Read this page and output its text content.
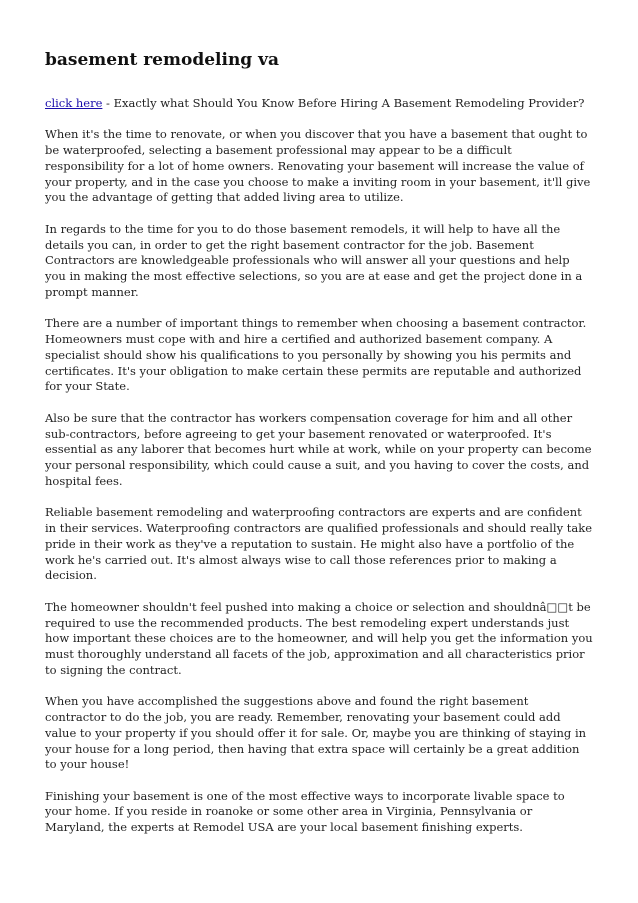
basement remodeling va

click here - Exactly what Should You Know Before Hiring A Basement Remodeling Provider?

When it's the time to renovate, or when you discover that you have a basement that ought to be waterproofed, selecting a basement professional may appear to be a difficult responsibility for a lot of home owners. Renovating your basement will increase the value of your property, and in the case you choose to make a inviting room in your basement, it'll give you the advantage of getting that added living area to utilize.

In regards to the time for you to do those basement remodels, it will help to have all the details you can, in order to get the right basement contractor for the job. Basement Contractors are knowledgeable professionals who will answer all your questions and help you in making the most effective selections, so you are at ease and get the project done in a prompt manner.

There are a number of important things to remember when choosing a basement contractor. Homeowners must cope with and hire a certified and authorized basement company. A specialist should show his qualifications to you personally by showing you his permits and certificates. It's your obligation to make certain these permits are reputable and authorized for your State.

Also be sure that the contractor has workers compensation coverage for him and all other sub-contractors, before agreeing to get your basement renovated or waterproofed. It's essential as any laborer that becomes hurt while at work, while on your property can become your personal responsibility, which could cause a suit, and you having to cover the costs, and hospital fees.

Reliable basement remodeling and waterproofing contractors are experts and are confident in their services. Waterproofing contractors are qualified professionals and should really take pride in their work as they've a reputation to sustain. He might also have a portfolio of the work he's carried out. It's almost always wise to call those references prior to making a decision.

The homeowner shouldn't feel pushed into making a choice or selection and shouldnâ□□t be required to use the recommended products. The best remodeling expert understands just how important these choices are to the homeowner, and will help you get the information you must thoroughly understand all facets of the job, approximation and all characteristics prior to signing the contract.

When you have accomplished the suggestions above and found the right basement contractor to do the job, you are ready. Remember, renovating your basement could add value to your property if you should offer it for sale. Or, maybe you are thinking of staying in your house for a long period, then having that extra space will certainly be a great addition to your house!

Finishing your basement is one of the most effective ways to incorporate livable space to your home. If you reside in roanoke or some other area in Virginia, Pennsylvania or Maryland, the experts at Remodel USA are your local basement finishing experts.
